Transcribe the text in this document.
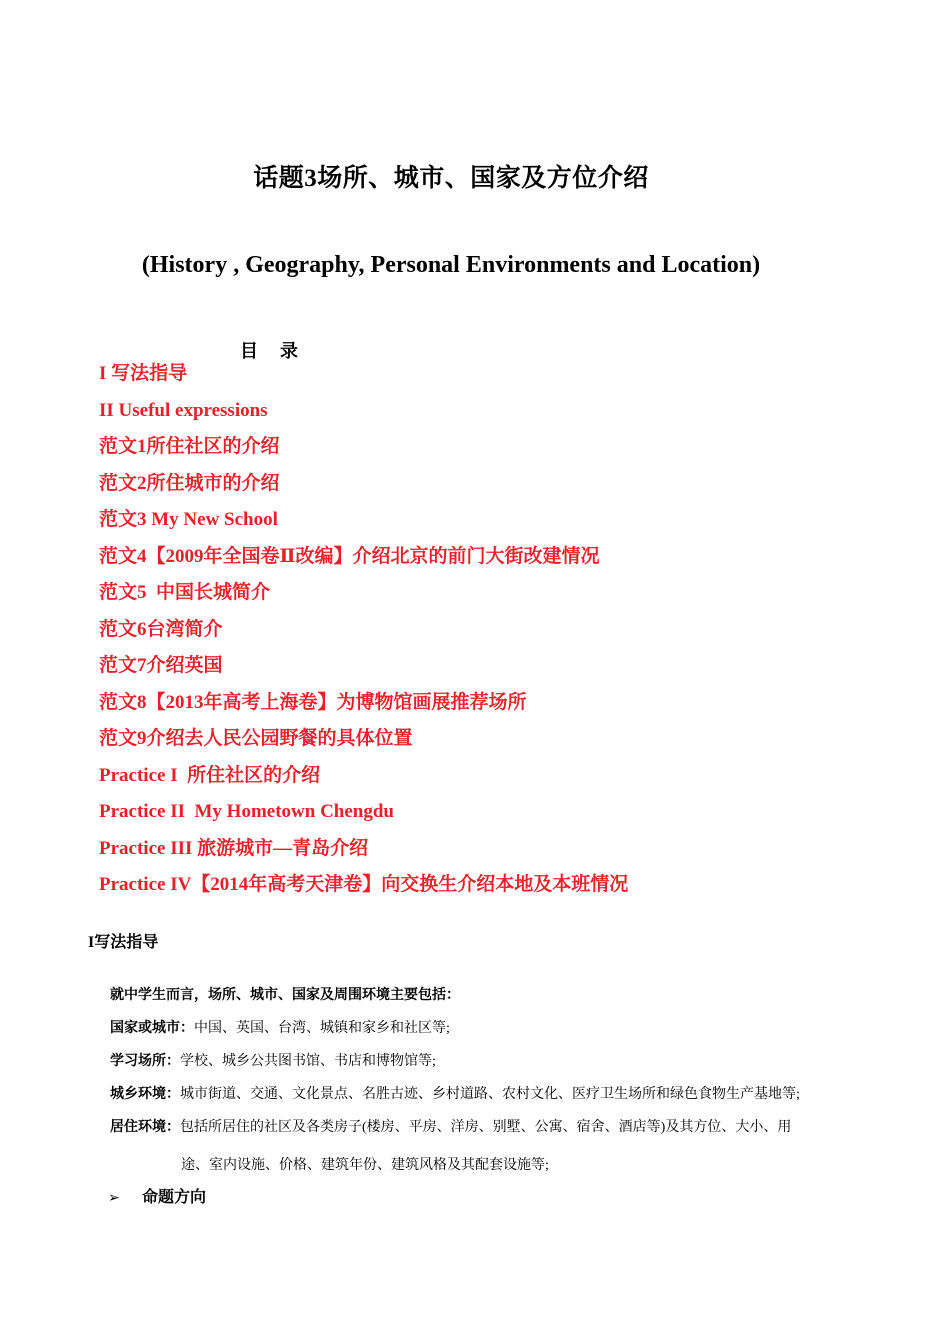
话题3场所、城市、国家及方位介绍
(History , Geography, Personal Environments and Location)
目录
I 写法指导
II Useful expressions
范文1所住社区的介绍
范文2所住城市的介绍
范文3 My New School
范文4【2009年全国卷Ⅱ改编】介绍北京的前门大街改建情况
范文5  中国长城简介
范文6台湾简介
范文7介绍英国
范文8【2013年高考上海卷】为博物馆画展推荐场所
范文9介绍去人民公园野餐的具体位置
Practice I  所住社区的介绍
Practice II  My Hometown Chengdu
Practice III 旅游城市—青岛介绍
Practice IV【2014年高考天津卷】向交换生介绍本地及本班情况
I写法指导
就中学生而言，场所、城市、国家及周围环境主要包括：
国家或城市：中国、英国、台湾、城镇和家乡和社区等;
学习场所：学校、城乡公共图书馆、书店和博物馆等;
城乡环境：城市街道、交通、文化景点、名胜古迹、乡村道路、农村文化、医疗卫生场所和绿色食物生产基地等;
居住环境：包括所居住的社区及各类房子(楼房、平房、洋房、别墅、公寓、宿舍、酒店等)及其方位、大小、用
途、室内设施、价格、建筑年份、建筑风格及其配套设施等;
➢ 命题方向
